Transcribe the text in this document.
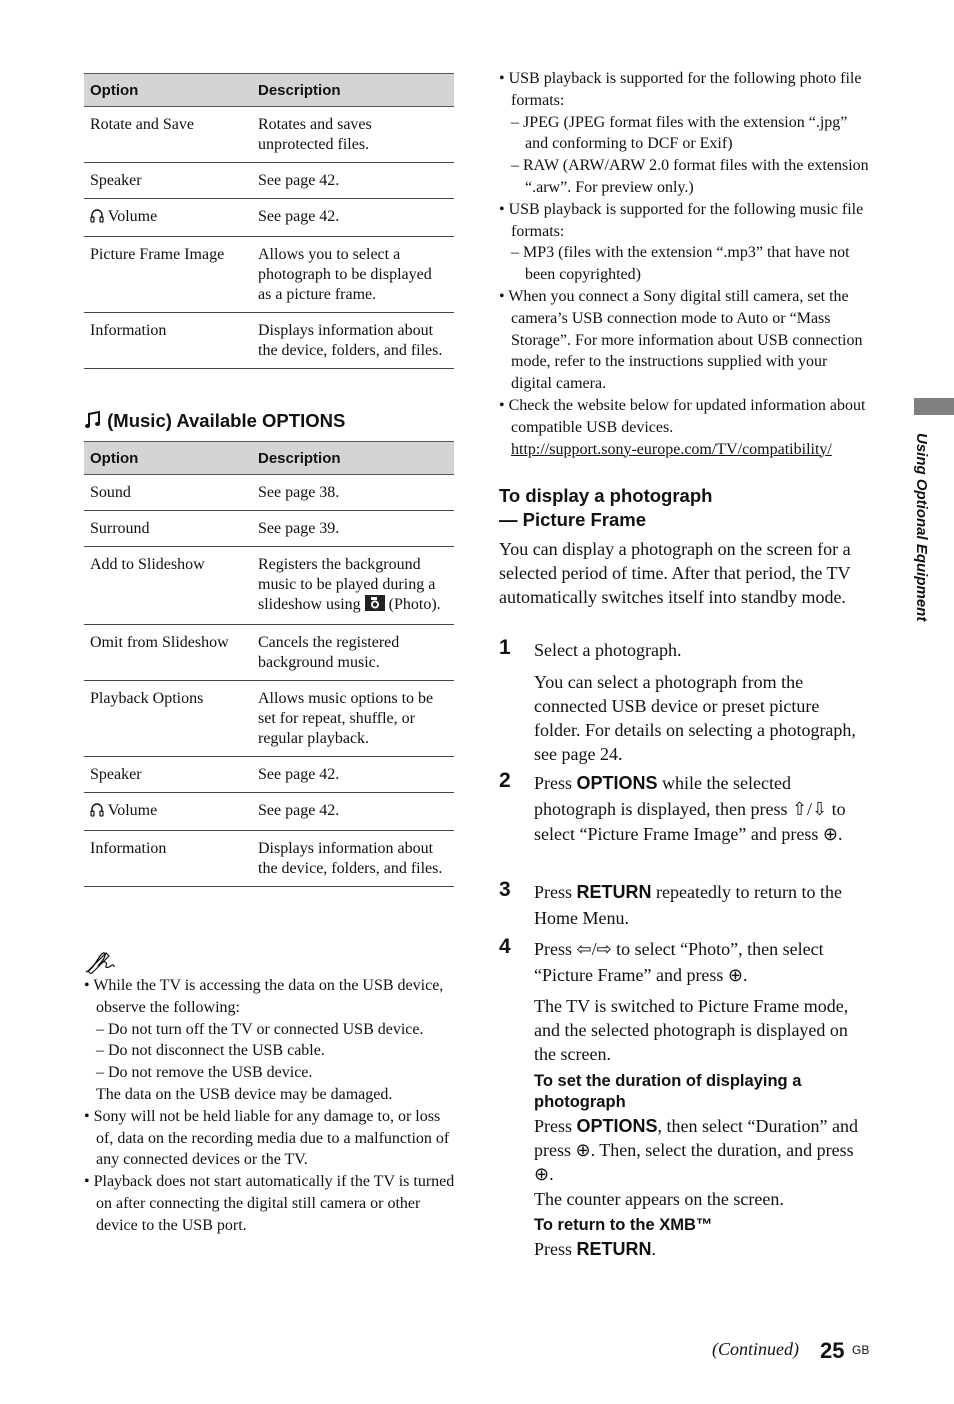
Option	Description
Rotate and Save	Rotates and saves unprotected files.
Speaker	See page 42.
Volume	See page 42.
Picture Frame Image	Allows you to select a photograph to be displayed as a picture frame.
Information	Displays information about the device, folders, and files.
(Music) Available OPTIONS
Option	Description
Sound	See page 38.
Surround	See page 39.
Add to Slideshow	Registers the background music to be played during a slideshow using (Photo).
Omit from Slideshow	Cancels the registered background music.
Playback Options	Allows music options to be set for repeat, shuffle, or regular playback.
Speaker	See page 42.
Volume	See page 42.
Information	Displays information about the device, folders, and files.
• While the TV is accessing the data on the USB device, observe the following:
– Do not turn off the TV or connected USB device.
– Do not disconnect the USB cable.
– Do not remove the USB device.
The data on the USB device may be damaged.
• Sony will not be held liable for any damage to, or loss of, data on the recording media due to a malfunction of any connected devices or the TV.
• Playback does not start automatically if the TV is turned on after connecting the digital still camera or other device to the USB port.
• USB playback is supported for the following photo file formats:
– JPEG (JPEG format files with the extension “.jpg” and conforming to DCF or Exif)
– RAW (ARW/ARW 2.0 format files with the extension “.arw”. For preview only.)
• USB playback is supported for the following music file formats:
– MP3 (files with the extension “.mp3” that have not been copyrighted)
• When you connect a Sony digital still camera, set the camera’s USB connection mode to Auto or “Mass Storage”. For more information about USB connection mode, refer to the instructions supplied with your digital camera.
• Check the website below for updated information about compatible USB devices.
http://support.sony-europe.com/TV/compatibility/
To display a photograph
— Picture Frame
You can display a photograph on the screen for a selected period of time. After that period, the TV automatically switches itself into standby mode.
1 Select a photograph.
You can select a photograph from the connected USB device or preset picture folder. For details on selecting a photograph, see page 24.
2 Press OPTIONS while the selected photograph is displayed, then press ⇧/⇩ to select “Picture Frame Image” and press ⊕.
3 Press RETURN repeatedly to return to the Home Menu.
4 Press ⇦/⇨ to select “Photo”, then select “Picture Frame” and press ⊕.
The TV is switched to Picture Frame mode, and the selected photograph is displayed on the screen.
To set the duration of displaying a photograph
Press OPTIONS, then select “Duration” and press ⊕. Then, select the duration, and press ⊕.
The counter appears on the screen.
To return to the XMB™
Press RETURN.
Using Optional Equipment
(Continued) 25 GB
